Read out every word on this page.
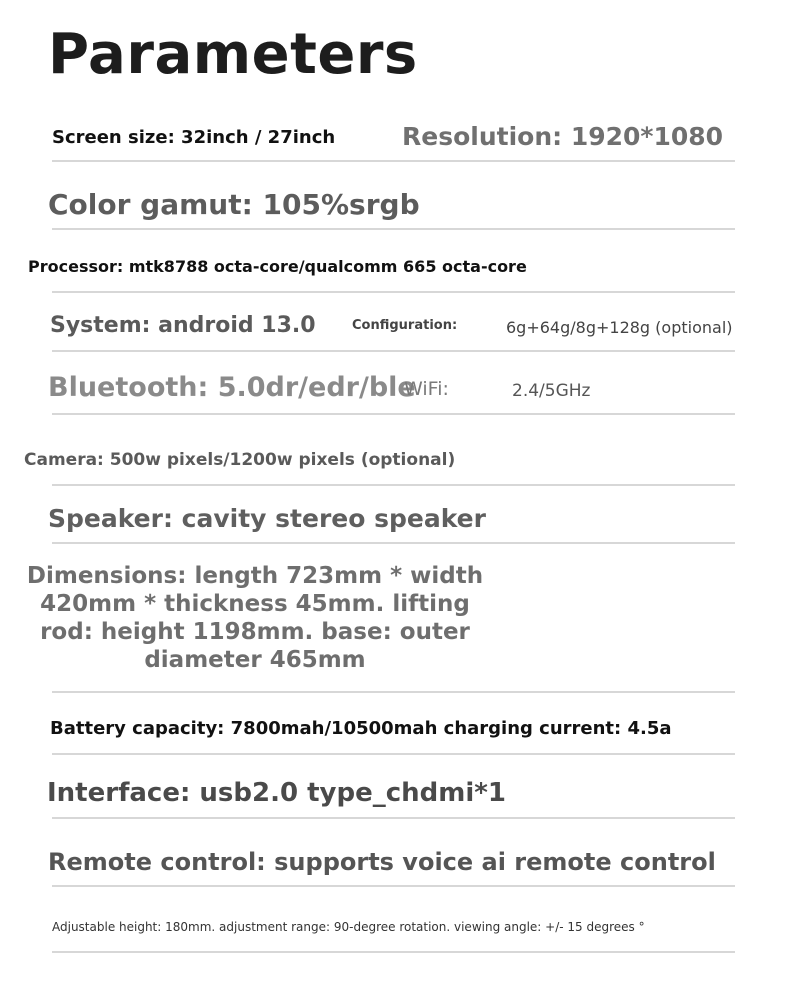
Parameters

Screen size: 32inch / 27inch	Resolution: 1920*1080

Color gamut: 105%srgb

Processor: mtk8788 octa-core/qualcomm 665 octa-core

System: android 13.0	Configuration:	6g+64g/8g+128g (optional)

Bluetooth: 5.0dr/edr/ble

WiFi:	2.4/5GHz

Camera: 500w pixels/1200w pixels (optional)

Speaker: cavity stereo speaker

Dimensions: length 723mm * width
420mm * thickness 45mm. lifting
rod: height 1198mm. base: outer
diameter 465mm

Battery capacity: 7800mah/10500mah charging current: 4.5a

Interface: usb2.0 type_chdmi*1

Remote control: supports voice ai remote control

Adjustable height: 180mm. adjustment range: 90-degree rotation. viewing angle: +/- 15 degrees °
